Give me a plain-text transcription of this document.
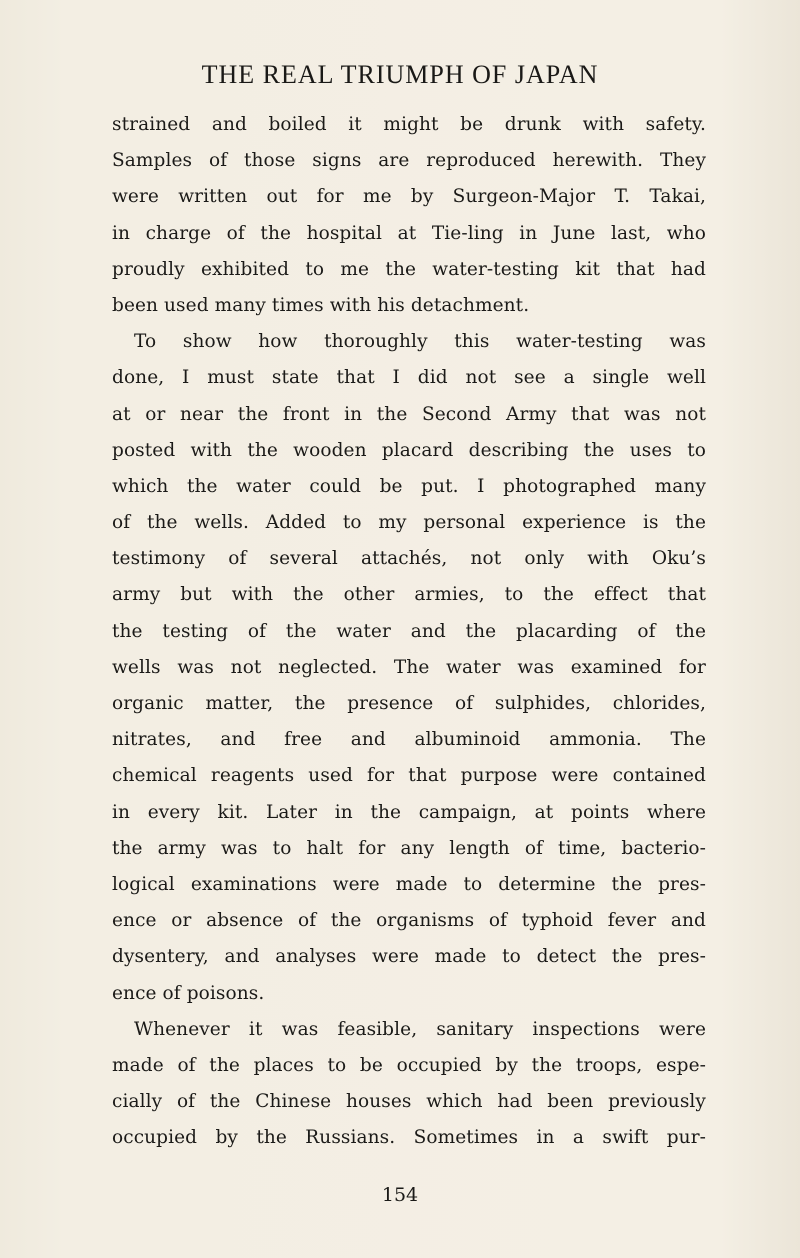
THE REAL TRIUMPH OF JAPAN
strained and boiled it might be drunk with safety.
Samples of those signs are reproduced herewith. They
were written out for me by Surgeon-Major T. Takai,
in charge of the hospital at Tie-ling in June last, who
proudly exhibited to me the water-testing kit that had
been used many times with his detachment.
To show how thoroughly this water-testing was
done, I must state that I did not see a single well
at or near the front in the Second Army that was not
posted with the wooden placard describing the uses to
which the water could be put. I photographed many
of the wells. Added to my personal experience is the
testimony of several attachés, not only with Oku’s
army but with the other armies, to the effect that
the testing of the water and the placarding of the
wells was not neglected. The water was examined for
organic matter, the presence of sulphides, chlorides,
nitrates, and free and albuminoid ammonia. The
chemical reagents used for that purpose were contained
in every kit. Later in the campaign, at points where
the army was to halt for any length of time, bacterio-
logical examinations were made to determine the pres-
ence or absence of the organisms of typhoid fever and
dysentery, and analyses were made to detect the pres-
ence of poisons.
Whenever it was feasible, sanitary inspections were
made of the places to be occupied by the troops, espe-
cially of the Chinese houses which had been previously
occupied by the Russians. Sometimes in a swift pur-
154
